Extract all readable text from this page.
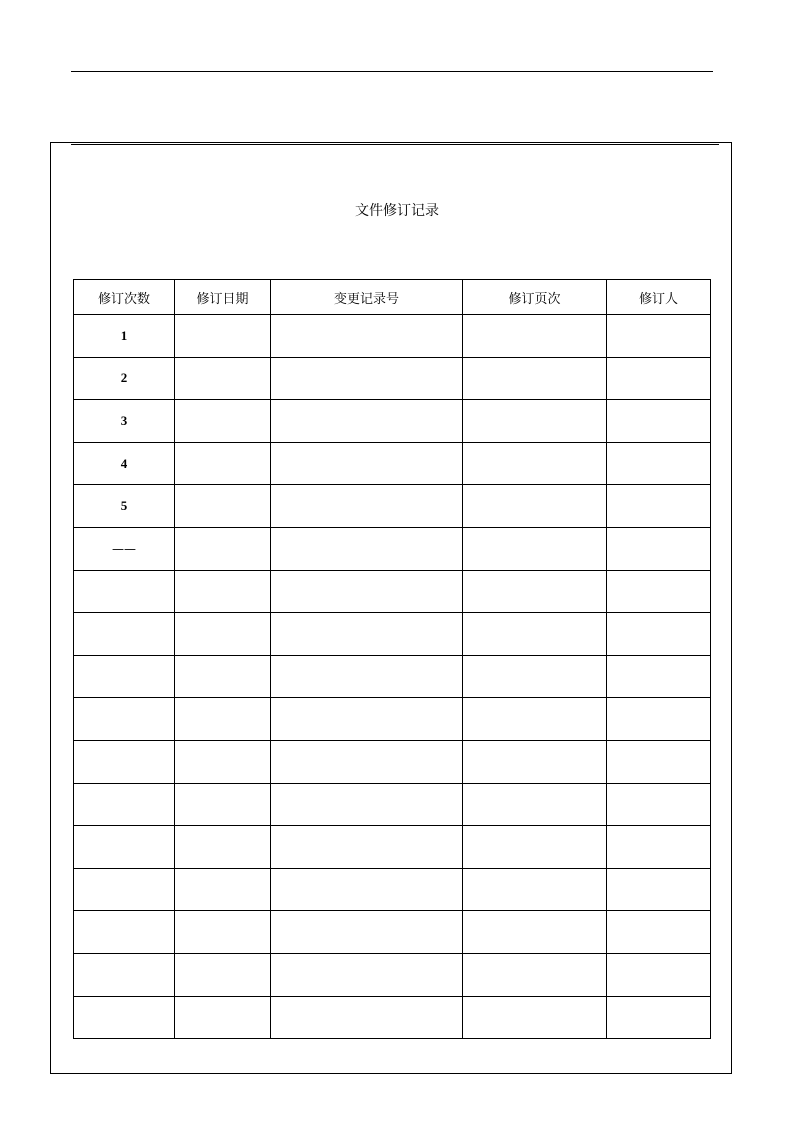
文件修订记录
修订次数	修订日期	变更记录号	修订页次	修订人
1				
2				
3				
4				
5				
——				
